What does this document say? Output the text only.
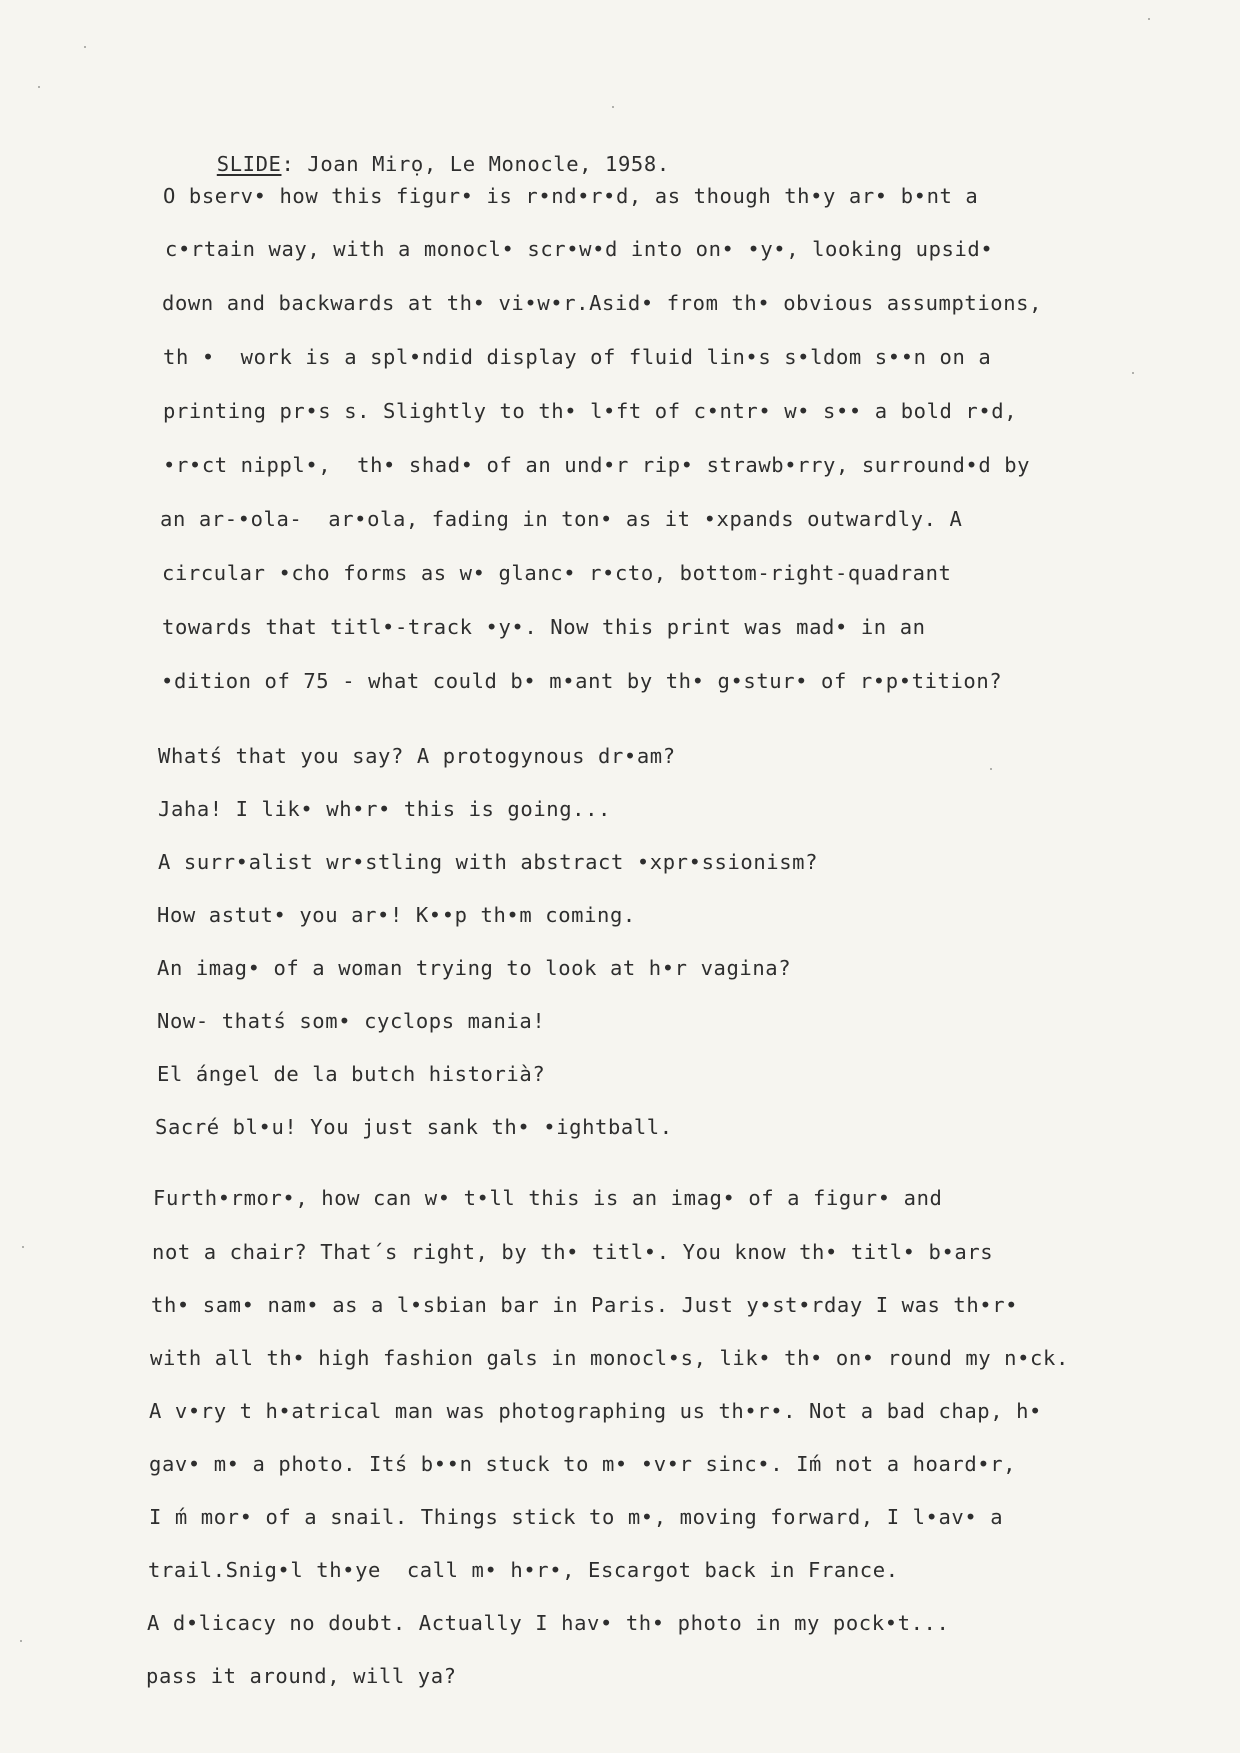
SLIDE: Joan Mirọ, Le Monocle, 1958.

O bserv• how this figur• is r•nd•r•d, as though th•y ar• b•nt a
c•rtain way, with a monocl• scr•w•d into on• •y•, looking upsid•
down and backwards at th• vi•w•r.Asid• from th• obvious assumptions,
th •  work is a spl•ndid display of fluid lin•s s•ldom s••n on a
printing pr•s s. Slightly to th• l•ft of c•ntr• w• s•• a bold r•d,
•r•ct nippl•,  th• shad• of an und•r rip• strawb•rry, surround•d by
an ar-•ola-  ar•ola, fading in ton• as it •xpands outwardly. A
circular •cho forms as w• glanc• r•cto, bottom-right-quadrant
towards that titl•-track •y•. Now this print was mad• in an
•dition of 75 - what could b• m•ant by th• g•stur• of r•p•tition?
Whatś that you say? A protogynous dr•am?
Jaha! I lik• wh•r• this is going...
A surr•alist wr•stling with abstract •xpr•ssionism?
How astut• you ar•! K••p th•m coming.
An imag• of a woman trying to look at h•r vagina?
Now- thatś som• cyclops mania!
El ángel de la butch historià?
Sacré bl•u! You just sank th• •ightball.
Furth•rmor•, how can w• t•ll this is an imag• of a figur• and
not a chair? That´s right, by th• titl•. You know th• titl• b•ars
th• sam• nam• as a l•sbian bar in Paris. Just y•st•rday I was th•r•
with all th• high fashion gals in monocl•s, lik• th• on• round my n•ck.
A v•ry t h•atrical man was photographing us th•r•. Not a bad chap, h•
gav• m• a photo. Itś b••n stuck to m• •v•r sinc•. Iḿ not a hoard•r,
I ḿ mor• of a snail. Things stick to m•, moving forward, I l•av• a
trail.Snig•l th•ye  call m• h•r•, Escargot back in France.
A d•licacy no doubt. Actually I hav• th• photo in my pock•t...
pass it around, will ya?
